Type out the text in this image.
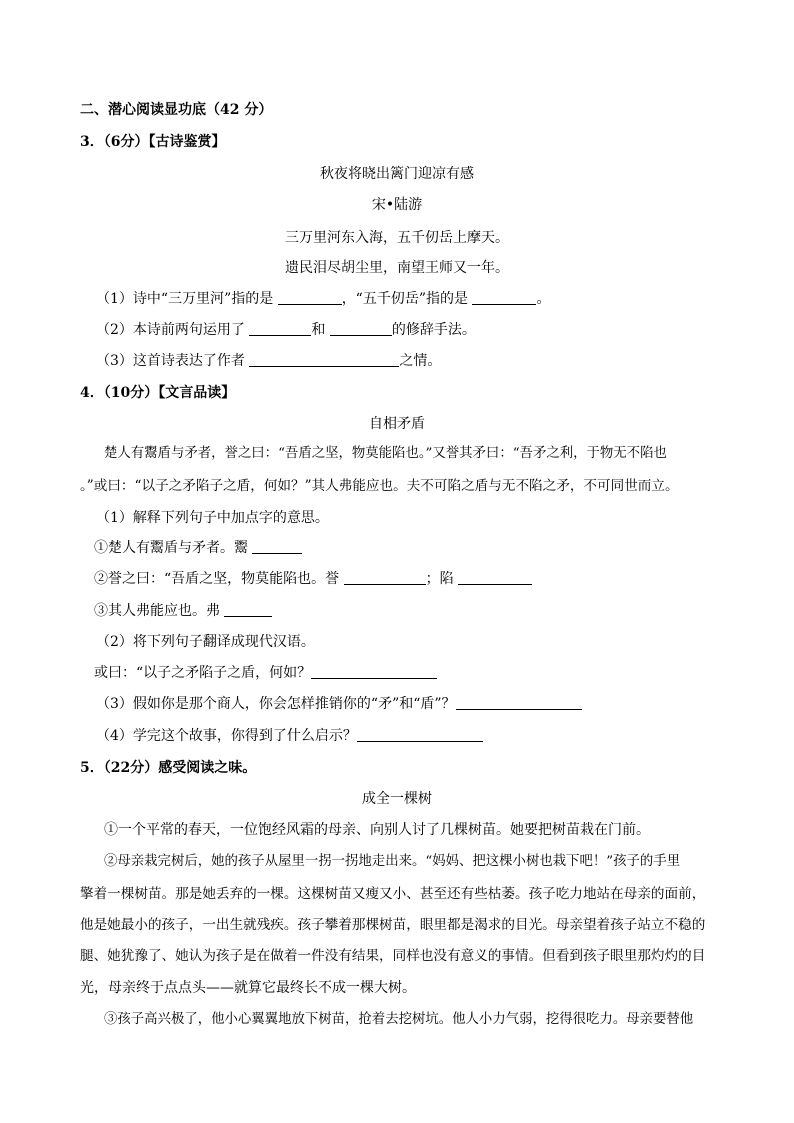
二、潜心阅读显功底（42 分）
3．（6分）【古诗鉴赏】
秋夜将晓出篱门迎凉有感
宋•陆游
三万里河东入海，五千仞岳上摩天。
遗民泪尽胡尘里，南望王师又一年。
（1）诗中“三万里河”指的是	，“五千仞岳”指的是	。
（2）本诗前两句运用了	和	的修辞手法。
（3）这首诗表达了作者	之情。
4．（10分）【文言品读】
自相矛盾
楚人有鬻盾与矛者，誉之曰：“吾盾之坚，物莫能陷也。”又誉其矛曰：“吾矛之利，于物无不陷也
。”或曰：“以子之矛陷子之盾，何如？”其人弗能应也。夫不可陷之盾与无不陷之矛，不可同世而立。
（1）解释下列句子中加点字的意思。
①楚人有鬻盾与矛者。鬻
②誉之曰：“吾盾之坚，物莫能陷也。誉	；陷
③其人弗能应也。弗
（2）将下列句子翻译成现代汉语。
或曰：“以子之矛陷子之盾，何如？
（3）假如你是那个商人，你会怎样推销你的“矛”和“盾”？
（4）学完这个故事，你得到了什么启示？
5．（22分）感受阅读之味。
成全一棵树
①一个平常的春天，一位饱经风霜的母亲、向别人讨了几棵树苗。她要把树苗栽在门前。
②母亲栽完树后，她的孩子从屋里一拐一拐地走出来。“妈妈、把这棵小树也栽下吧！”孩子的手里
擎着一棵树苗。那是她丢弃的一棵。这棵树苗又瘦又小、甚至还有些枯萎。孩子吃力地站在母亲的面前，
他是她最小的孩子，一出生就残疾。孩子攀着那棵树苗，眼里都是渴求的目光。母亲望着孩子站立不稳的
腿、她犹豫了、她认为孩子是在做着一件没有结果，同样也没有意义的事情。但看到孩子眼里那灼灼的目
光，母亲终于点点头——就算它最终长不成一棵大树。
③孩子高兴极了，他小心翼翼地放下树苗，抢着去挖树坑。他人小力气弱，挖得很吃力。母亲要替他
